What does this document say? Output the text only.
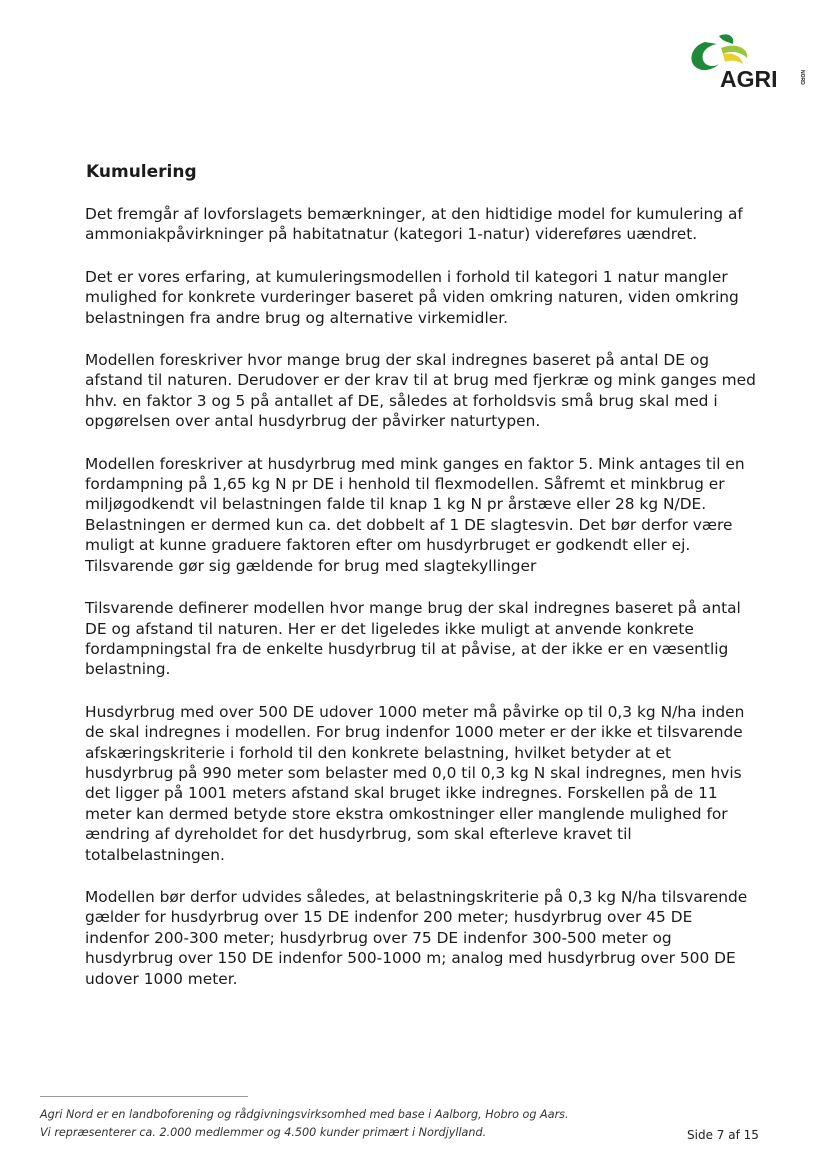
AGRI	NORD
Kumulering

Det fremgår af lovforslagets bemærkninger, at den hidtidige model for kumulering af ammoniakpåvirkninger på habitatnatur (kategori 1-natur) videreføres uændret.

Det er vores erfaring, at kumuleringsmodellen i forhold til kategori 1 natur mangler mulighed for konkrete vurderinger baseret på viden omkring naturen, viden omkring belastningen fra andre brug og alternative virkemidler.

Modellen foreskriver hvor mange brug der skal indregnes baseret på antal DE og afstand til naturen. Derudover er der krav til at brug med fjerkræ og mink ganges med hhv. en faktor 3 og 5 på antallet af DE, således at forholdsvis små brug skal med i opgørelsen over antal husdyrbrug der påvirker naturtypen.

Modellen foreskriver at husdyrbrug med mink ganges en faktor 5. Mink antages til en fordampning på 1,65 kg N pr DE i henhold til flexmodellen. Såfremt et minkbrug er miljøgodkendt vil belastningen falde til knap 1 kg N pr årstæve eller 28 kg N/DE. Belastningen er dermed kun ca. det dobbelt af 1 DE slagtesvin. Det bør derfor være muligt at kunne graduere faktoren efter om husdyrbruget er godkendt eller ej. Tilsvarende gør sig gældende for brug med slagtekyllinger

Tilsvarende definerer modellen hvor mange brug der skal indregnes baseret på antal DE og afstand til naturen. Her er det ligeledes ikke muligt at anvende konkrete fordampningstal fra de enkelte husdyrbrug til at påvise, at der ikke er en væsentlig belastning.

Husdyrbrug med over 500 DE udover 1000 meter må påvirke op til 0,3 kg N/ha inden de skal indregnes i modellen. For brug indenfor 1000 meter er der ikke et tilsvarende afskæringskriterie i forhold til den konkrete belastning, hvilket betyder at et husdyrbrug på 990 meter som belaster med 0,0 til 0,3 kg N skal indregnes, men hvis det ligger på 1001 meters afstand skal bruget ikke indregnes. Forskellen på de 11 meter kan dermed betyde store ekstra omkostninger eller manglende mulighed for ændring af dyreholdet for det husdyrbrug, som skal efterleve kravet til totalbelastningen.

Modellen bør derfor udvides således, at belastningskriterie på 0,3 kg N/ha tilsvarende gælder for husdyrbrug over 15 DE indenfor 200 meter; husdyrbrug over 45 DE indenfor 200-300 meter; husdyrbrug over 75 DE indenfor 300-500 meter og husdyrbrug over 150 DE indenfor 500-1000 m; analog med husdyrbrug over 500 DE udover 1000 meter.

Agri Nord er en landboforening og rådgivningsvirksomhed med base i Aalborg, Hobro og Aars.
Vi repræsenterer ca. 2.000 medlemmer og 4.500 kunder primært i Nordjylland.	Side 7 af 15
